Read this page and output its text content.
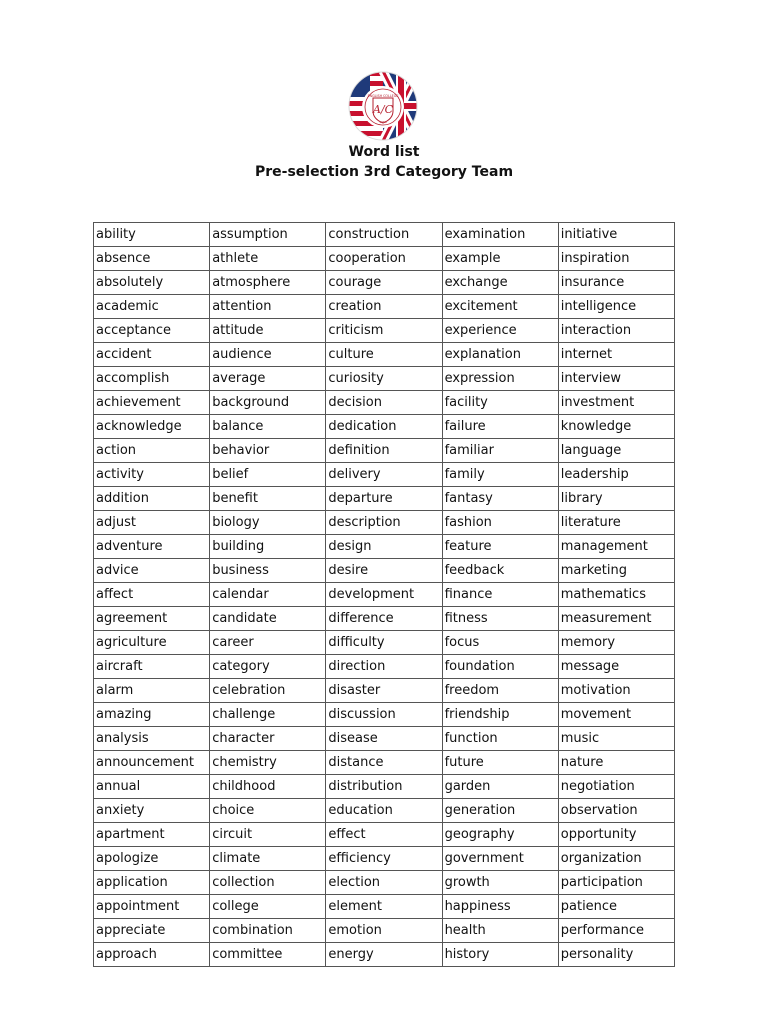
ENGLISH COLLEGE
A/C
1956
Word list
Pre-selection 3rd Category Team
ability	assumption	construction	examination	initiative
absence	athlete	cooperation	example	inspiration
absolutely	atmosphere	courage	exchange	insurance
academic	attention	creation	excitement	intelligence
acceptance	attitude	criticism	experience	interaction
accident	audience	culture	explanation	internet
accomplish	average	curiosity	expression	interview
achievement	background	decision	facility	investment
acknowledge	balance	dedication	failure	knowledge
action	behavior	definition	familiar	language
activity	belief	delivery	family	leadership
addition	benefit	departure	fantasy	library
adjust	biology	description	fashion	literature
adventure	building	design	feature	management
advice	business	desire	feedback	marketing
affect	calendar	development	finance	mathematics
agreement	candidate	difference	fitness	measurement
agriculture	career	difficulty	focus	memory
aircraft	category	direction	foundation	message
alarm	celebration	disaster	freedom	motivation
amazing	challenge	discussion	friendship	movement
analysis	character	disease	function	music
announcement	chemistry	distance	future	nature
annual	childhood	distribution	garden	negotiation
anxiety	choice	education	generation	observation
apartment	circuit	effect	geography	opportunity
apologize	climate	efficiency	government	organization
application	collection	election	growth	participation
appointment	college	element	happiness	patience
appreciate	combination	emotion	health	performance
approach	committee	energy	history	personality
